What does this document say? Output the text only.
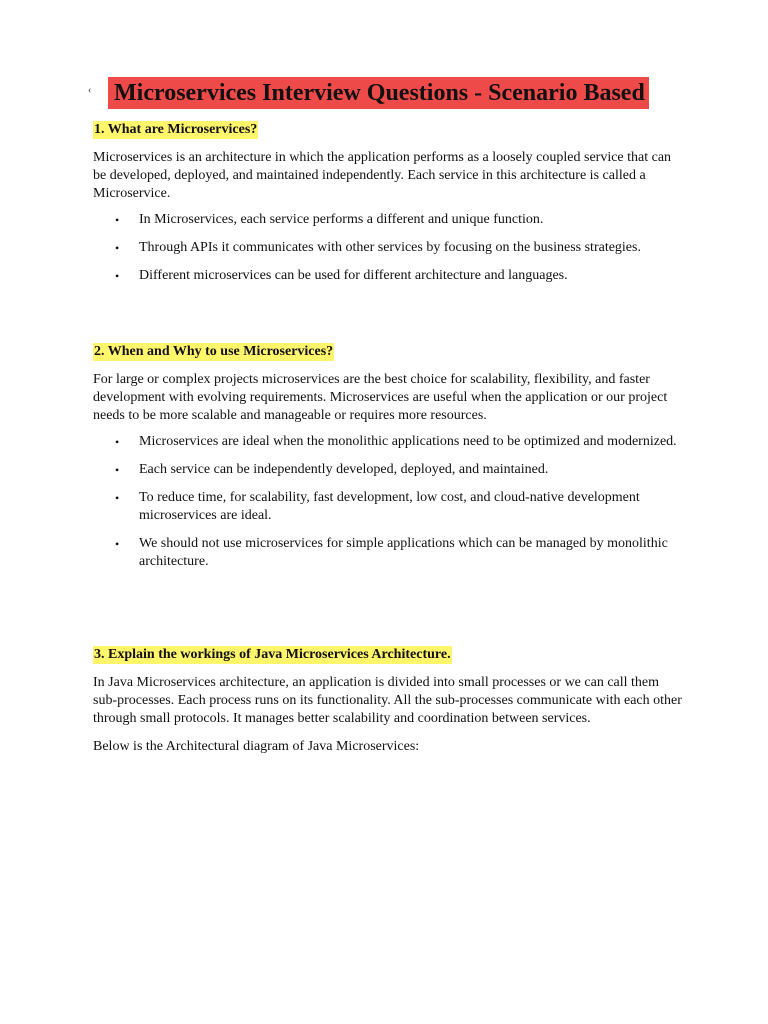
‹ Microservices Interview Questions - Scenario Based
1. What are Microservices?

Microservices is an architecture in which the application performs as a loosely coupled service that can be developed, deployed, and maintained independently. Each service in this architecture is called a Microservice.

• In Microservices, each service performs a different and unique function.
• Through APIs it communicates with other services by focusing on the business strategies.
• Different microservices can be used for different architecture and languages.
2. When and Why to use Microservices?

For large or complex projects microservices are the best choice for scalability, flexibility, and faster development with evolving requirements. Microservices are useful when the application or our project needs to be more scalable and manageable or requires more resources.

• Microservices are ideal when the monolithic applications need to be optimized and modernized.
• Each service can be independently developed, deployed, and maintained.
• To reduce time, for scalability, fast development, low cost, and cloud-native development microservices are ideal.
• We should not use microservices for simple applications which can be managed by monolithic architecture.
3. Explain the workings of Java Microservices Architecture.

In Java Microservices architecture, an application is divided into small processes or we can call them sub-processes. Each process runs on its functionality. All the sub-processes communicate with each other through small protocols. It manages better scalability and coordination between services.

Below is the Architectural diagram of Java Microservices:
